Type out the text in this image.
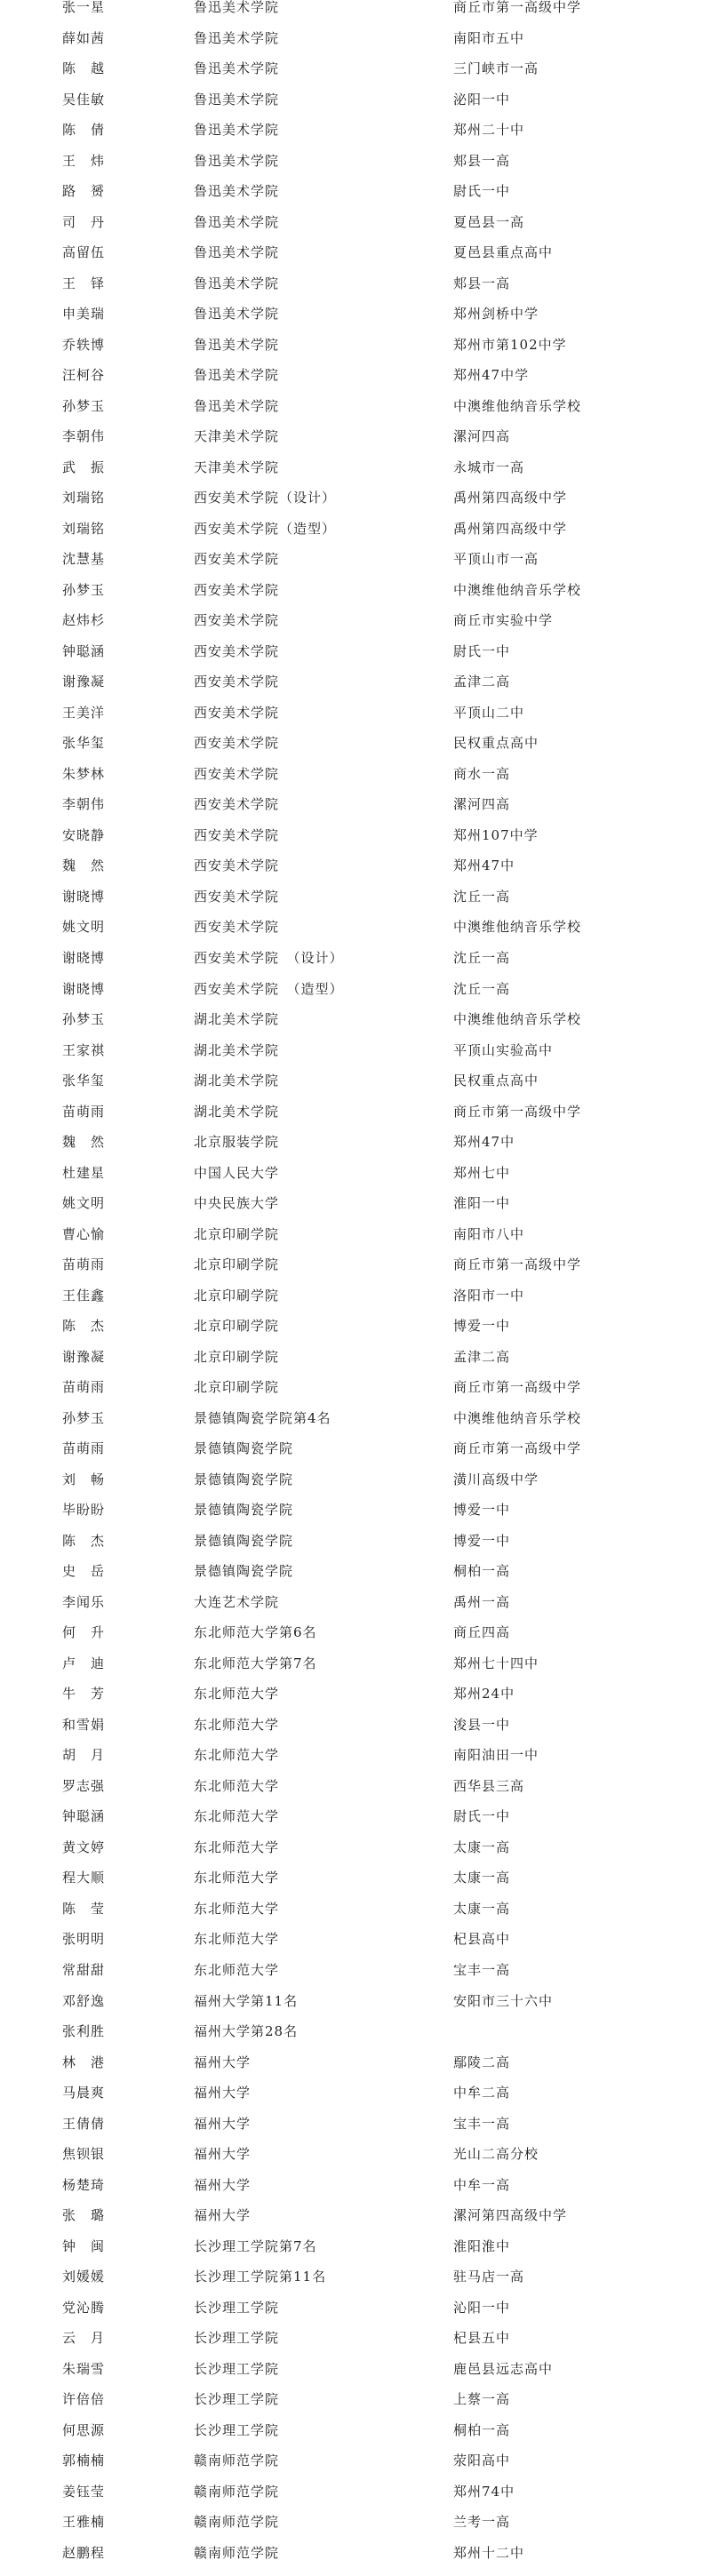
张一星	鲁迅美术学院	商丘市第一高级中学
薛如茜	鲁迅美术学院	南阳市五中
陈　越	鲁迅美术学院	三门峡市一高
吴佳敏	鲁迅美术学院	泌阳一中
陈　倩	鲁迅美术学院	郑州二十中
王　炜	鲁迅美术学院	郏县一高
路　赟	鲁迅美术学院	尉氏一中
司　丹	鲁迅美术学院	夏邑县一高
高留伍	鲁迅美术学院	夏邑县重点高中
王　铎	鲁迅美术学院	郏县一高
申美瑞	鲁迅美术学院	郑州剑桥中学
乔轶博	鲁迅美术学院	郑州市第102中学
汪柯谷	鲁迅美术学院	郑州47中学
孙梦玉	鲁迅美术学院	中澳维他纳音乐学校
李朝伟	天津美术学院	漯河四高
武　振	天津美术学院	永城市一高
刘瑞铭	西安美术学院（设计）	禹州第四高级中学
刘瑞铭	西安美术学院（造型）	禹州第四高级中学
沈慧基	西安美术学院	平顶山市一高
孙梦玉	西安美术学院	中澳维他纳音乐学校
赵炜杉	西安美术学院	商丘市实验中学
钟聪涵	西安美术学院	尉氏一中
谢豫凝	西安美术学院	孟津二高
王美洋	西安美术学院	平顶山二中
张华玺	西安美术学院	民权重点高中
朱梦林	西安美术学院	商水一高
李朝伟	西安美术学院	漯河四高
安晓静	西安美术学院	郑州107中学
魏　然	西安美术学院	郑州47中
谢晓博	西安美术学院	沈丘一高
姚文明	西安美术学院	中澳维他纳音乐学校
谢晓博	西安美术学院　（设计）	沈丘一高
谢晓博	西安美术学院　（造型）	沈丘一高
孙梦玉	湖北美术学院	中澳维他纳音乐学校
王家祺	湖北美术学院	平顶山实验高中
张华玺	湖北美术学院	民权重点高中
苗萌雨	湖北美术学院	商丘市第一高级中学
魏　然	北京服装学院	郑州47中
杜建星	中国人民大学	郑州七中
姚文明	中央民族大学	淮阳一中
曹心愉	北京印刷学院	南阳市八中
苗萌雨	北京印刷学院	商丘市第一高级中学
王佳鑫	北京印刷学院	洛阳市一中
陈　杰	北京印刷学院	博爱一中
谢豫凝	北京印刷学院	孟津二高
苗萌雨	北京印刷学院	商丘市第一高级中学
孙梦玉	景德镇陶瓷学院第4名	中澳维他纳音乐学校
苗萌雨	景德镇陶瓷学院	商丘市第一高级中学
刘　畅	景德镇陶瓷学院	潢川高级中学
毕盼盼	景德镇陶瓷学院	博爱一中
陈　杰	景德镇陶瓷学院	博爱一中
史　岳	景德镇陶瓷学院	桐柏一高
李闻乐	大连艺术学院	禹州一高
何　升	东北师范大学第6名	商丘四高
卢　迪	东北师范大学第7名	郑州七十四中
牛　芳	东北师范大学	郑州24中
和雪娟	东北师范大学	浚县一中
胡　月	东北师范大学	南阳油田一中
罗志强	东北师范大学	西华县三高
钟聪涵	东北师范大学	尉氏一中
黄文婷	东北师范大学	太康一高
程大顺	东北师范大学	太康一高
陈　莹	东北师范大学	太康一高
张明明	东北师范大学	杞县高中
常甜甜	东北师范大学	宝丰一高
邓舒逸	福州大学第11名	安阳市三十六中
张利胜	福州大学第28名
林　港	福州大学	鄢陵二高
马晨爽	福州大学	中牟二高
王倩倩	福州大学	宝丰一高
焦钡银	福州大学	光山二高分校
杨楚琦	福州大学	中牟一高
张　璐	福州大学	漯河第四高级中学
钟　闽	长沙理工学院第7名	淮阳淮中
刘媛媛	长沙理工学院第11名	驻马店一高
党沁腾	长沙理工学院	沁阳一中
云　月	长沙理工学院	杞县五中
朱瑞雪	长沙理工学院	鹿邑县远志高中
许倍倍	长沙理工学院	上蔡一高
何思源	长沙理工学院	桐柏一高
郭楠楠	赣南师范学院	荥阳高中
姜钰莹	赣南师范学院	郑州74中
王雅楠	赣南师范学院	兰考一高
赵鹏程	赣南师范学院	郑州十二中
